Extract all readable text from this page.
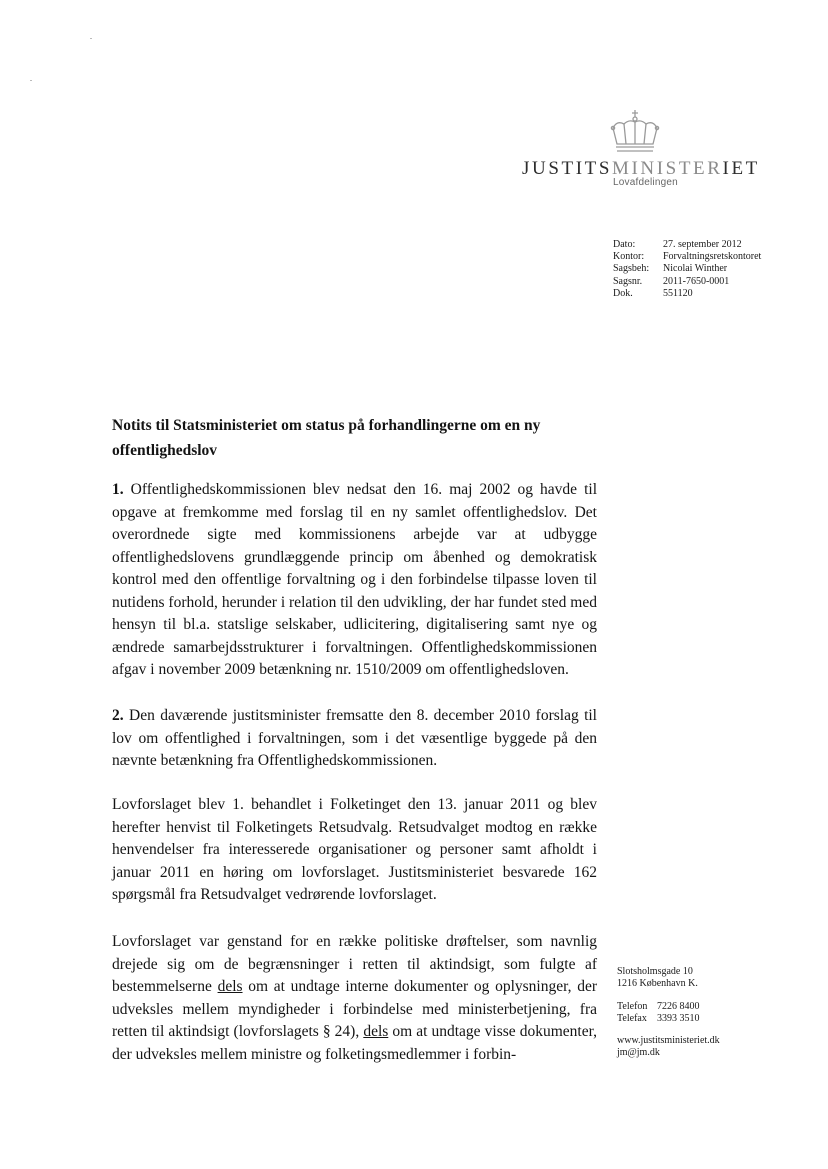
JUSTITSMINISTERIET
Lovafdelingen
Dato:	27. september 2012
Kontor:	Forvaltningsretskontoret
Sagsbeh:	Nicolai Winther
Sagsnr.	2011-7650-0001
Dok.	551120
Notits til Statsministeriet om status på forhandlingerne om en ny offentlighedslov
1. Offentlighedskommissionen blev nedsat den 16. maj 2002 og havde til opgave at fremkomme med forslag til en ny samlet offentlighedslov. Det overordnede sigte med kommissionens arbejde var at udbygge offentlighedslovens grundlæggende princip om åbenhed og demokratisk kontrol med den offentlige forvaltning og i den forbindelse tilpasse loven til nutidens forhold, herunder i relation til den udvikling, der har fundet sted med hensyn til bl.a. statslige selskaber, udlicitering, digitalisering samt nye og ændrede samarbejdsstrukturer i forvaltningen. Offentlighedskommissionen afgav i november 2009 betænkning nr. 1510/2009 om offentlighedsloven.
2. Den daværende justitsminister fremsatte den 8. december 2010 forslag til lov om offentlighed i forvaltningen, som i det væsentlige byggede på den nævnte betænkning fra Offentlighedskommissionen.
Lovforslaget blev 1. behandlet i Folketinget den 13. januar 2011 og blev herefter henvist til Folketingets Retsudvalg. Retsudvalget modtog en række henvendelser fra interesserede organisationer og personer samt afholdt i januar 2011 en høring om lovforslaget. Justitsministeriet besvarede 162 spørgsmål fra Retsudvalget vedrørende lovforslaget.
Lovforslaget var genstand for en række politiske drøftelser, som navnlig drejede sig om de begrænsninger i retten til aktindsigt, som fulgte af bestemmelserne dels om at undtage interne dokumenter og oplysninger, der udveksles mellem myndigheder i forbindelse med ministerbetjening, fra retten til aktindsigt (lovforslagets § 24), dels om at undtage visse dokumenter, der udveksles mellem ministre og folketingsmedlemmer i forbin-
Slotsholmsgade 10
1216 København K.
Telefon 7226 8400
Telefax	3393 3510
www.justitsministeriet.dk
jm@jm.dk
